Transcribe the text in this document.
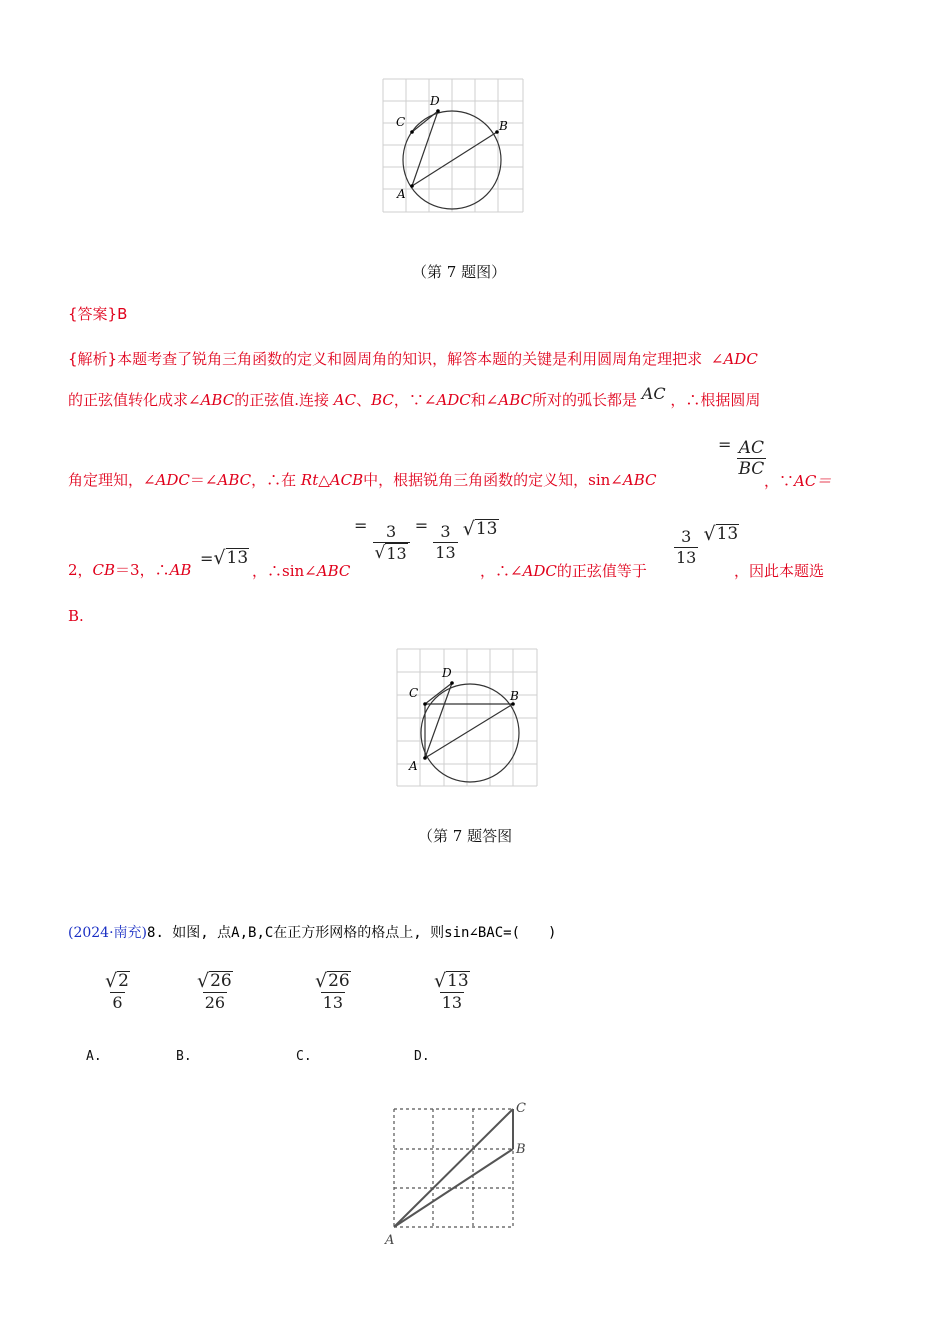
A
B
C
D
（第 7 题图）
{答案}B
{解析}本题考查了锐角三角函数的定义和圆周角的知识，解答本题的关键是利用圆周角定理把求 ∠ADC
的正弦值转化成求∠ABC的正弦值.连接 AC、BC，∵∠ADC和∠ABC所对的弧长都是 AC ，∴根据圆周
角定理知，∠ADC＝∠ABC，∴在 Rt△ACB中，根据锐角三角函数的定义知，sin∠ABC
= $\frac{AC}{BC}$
，∵AC＝
2，CB＝3，∴AB
= √ 13
，∴sin∠ABC
= $\frac{3}{√ 13} = \frac{3}{13}$
√ 13
，∴∠ADC的正弦值等于
$\frac{3}{13}$
√ 13
，因此本题选
B.
A
B
C
D
（第 7 题答图
(2024·南充)8. 如图, 点A,B,C在正方形网格的格点上, 则sin∠BAC=(　　)
$\frac{√ 2}{6}$	$\frac{√ 26}{26}$	$\frac{√ 26}{13}$	$\frac{√ 13}{13}$
A.	B.	C.	D.
A
B
C
